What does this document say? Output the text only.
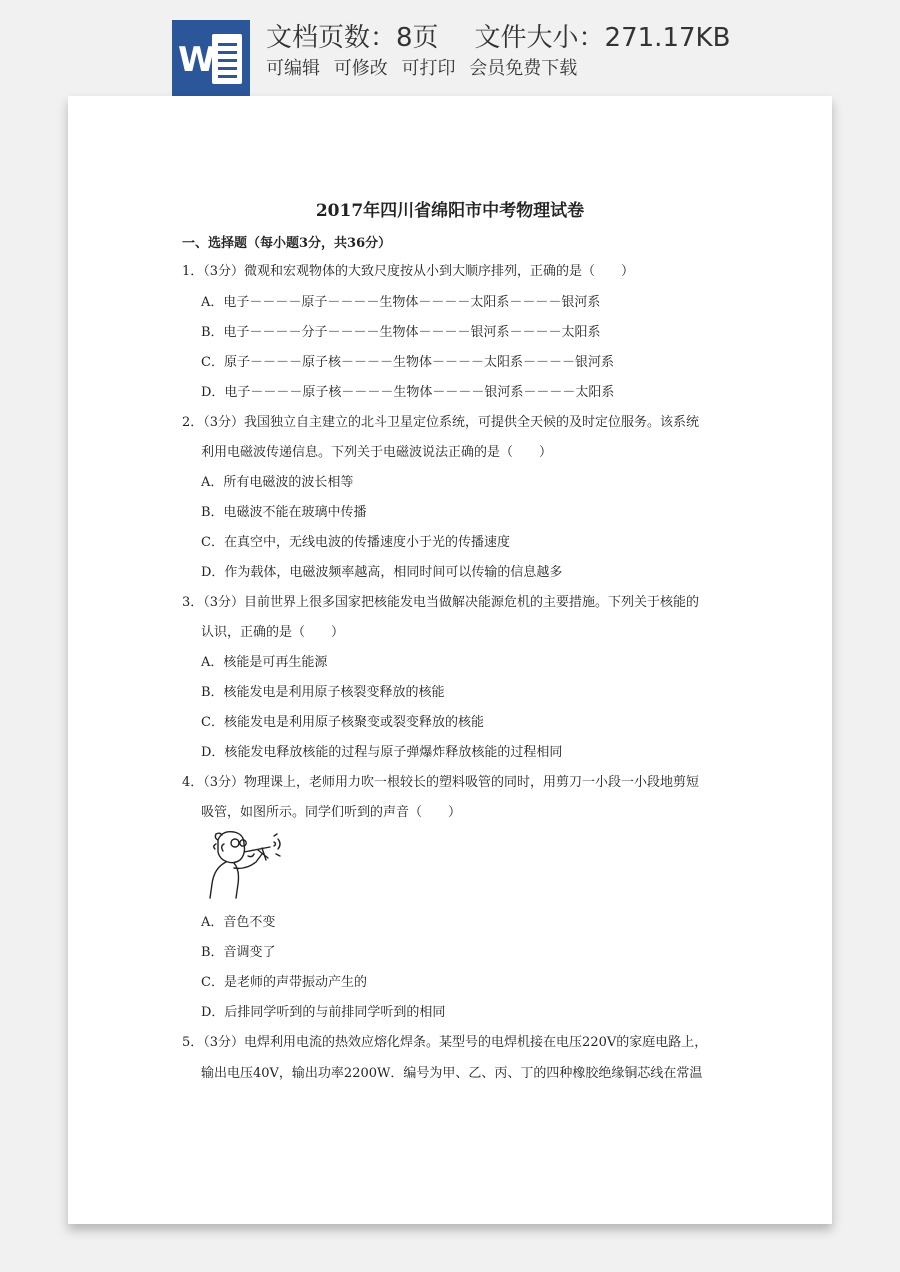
W
文档页数：8页 文件大小：271.17KB
可编辑 可修改 可打印 会员免费下载
2017年四川省绵阳市中考物理试卷
一、选择题（每小题3分，共36分）
1．（3分）微观和宏观物体的大致尺度按从小到大顺序排列，正确的是（　　）
A．电子－－－－原子－－－－生物体－－－－太阳系－－－－银河系
B．电子－－－－分子－－－－生物体－－－－银河系－－－－太阳系
C．原子－－－－原子核－－－－生物体－－－－太阳系－－－－银河系
D．电子－－－－原子核－－－－生物体－－－－银河系－－－－太阳系
2．（3分）我国独立自主建立的北斗卫星定位系统，可提供全天候的及时定位服务。该系统
利用电磁波传递信息。下列关于电磁波说法正确的是（　　）
A．所有电磁波的波长相等
B．电磁波不能在玻璃中传播
C．在真空中，无线电波的传播速度小于光的传播速度
D．作为载体，电磁波频率越高，相同时间可以传输的信息越多
3．（3分）目前世界上很多国家把核能发电当做解决能源危机的主要措施。下列关于核能的
认识，正确的是（　　）
A．核能是可再生能源
B．核能发电是利用原子核裂变释放的核能
C．核能发电是利用原子核聚变或裂变释放的核能
D．核能发电释放核能的过程与原子弹爆炸释放核能的过程相同
4．（3分）物理课上，老师用力吹一根较长的塑料吸管的同时，用剪刀一小段一小段地剪短
吸管，如图所示。同学们听到的声音（　　）
A．音色不变
B．音调变了
C．是老师的声带振动产生的
D．后排同学听到的与前排同学听到的相同
5．（3分）电焊利用电流的热效应熔化焊条。某型号的电焊机接在电压220V的家庭电路上，
输出电压40V，输出功率2200W．编号为甲、乙、丙、丁的四种橡胶绝缘铜芯线在常温
